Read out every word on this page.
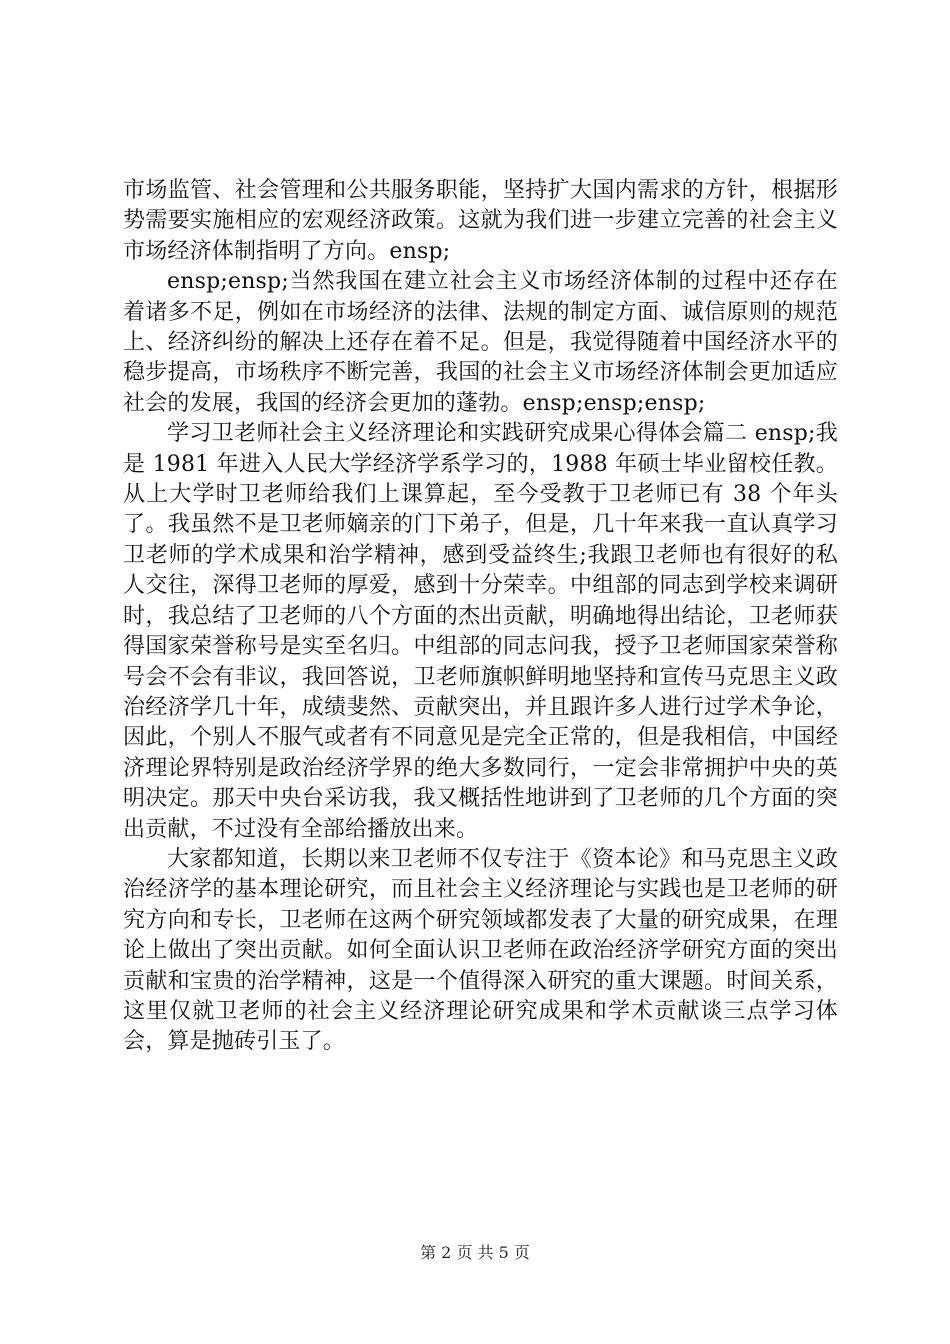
市场监管、社会管理和公共服务职能，坚持扩大国内需求的方针，根据形势需要实施相应的宏观经济政策。这就为我们进一步建立完善的社会主义市场经济体制指明了方向。ensp;

ensp;ensp;当然我国在建立社会主义市场经济体制的过程中还存在着诸多不足，例如在市场经济的法律、法规的制定方面、诚信原则的规范上、经济纠纷的解决上还存在着不足。但是，我觉得随着中国经济水平的稳步提高，市场秩序不断完善，我国的社会主义市场经济体制会更加适应社会的发展，我国的经济会更加的蓬勃。ensp;ensp;ensp;

学习卫老师社会主义经济理论和实践研究成果心得体会篇二 ensp;我是 1981 年进入人民大学经济学系学习的，1988 年硕士毕业留校任教。从上大学时卫老师给我们上课算起，至今受教于卫老师已有 38 个年头了。我虽然不是卫老师嫡亲的门下弟子，但是，几十年来我一直认真学习卫老师的学术成果和治学精神，感到受益终生;我跟卫老师也有很好的私人交往，深得卫老师的厚爱，感到十分荣幸。中组部的同志到学校来调研时，我总结了卫老师的八个方面的杰出贡献，明确地得出结论，卫老师获得国家荣誉称号是实至名归。中组部的同志问我，授予卫老师国家荣誉称号会不会有非议，我回答说，卫老师旗帜鲜明地坚持和宣传马克思主义政治经济学几十年，成绩斐然、贡献突出，并且跟许多人进行过学术争论，因此，个别人不服气或者有不同意见是完全正常的，但是我相信，中国经济理论界特别是政治经济学界的绝大多数同行，一定会非常拥护中央的英明决定。那天中央台采访我，我又概括性地讲到了卫老师的几个方面的突出贡献，不过没有全部给播放出来。

大家都知道，长期以来卫老师不仅专注于《资本论》和马克思主义政治经济学的基本理论研究，而且社会主义经济理论与实践也是卫老师的研究方向和专长，卫老师在这两个研究领域都发表了大量的研究成果，在理论上做出了突出贡献。如何全面认识卫老师在政治经济学研究方面的突出贡献和宝贵的治学精神，这是一个值得深入研究的重大课题。时间关系，这里仅就卫老师的社会主义经济理论研究成果和学术贡献谈三点学习体会，算是抛砖引玉了。

第 2 页 共 5 页
